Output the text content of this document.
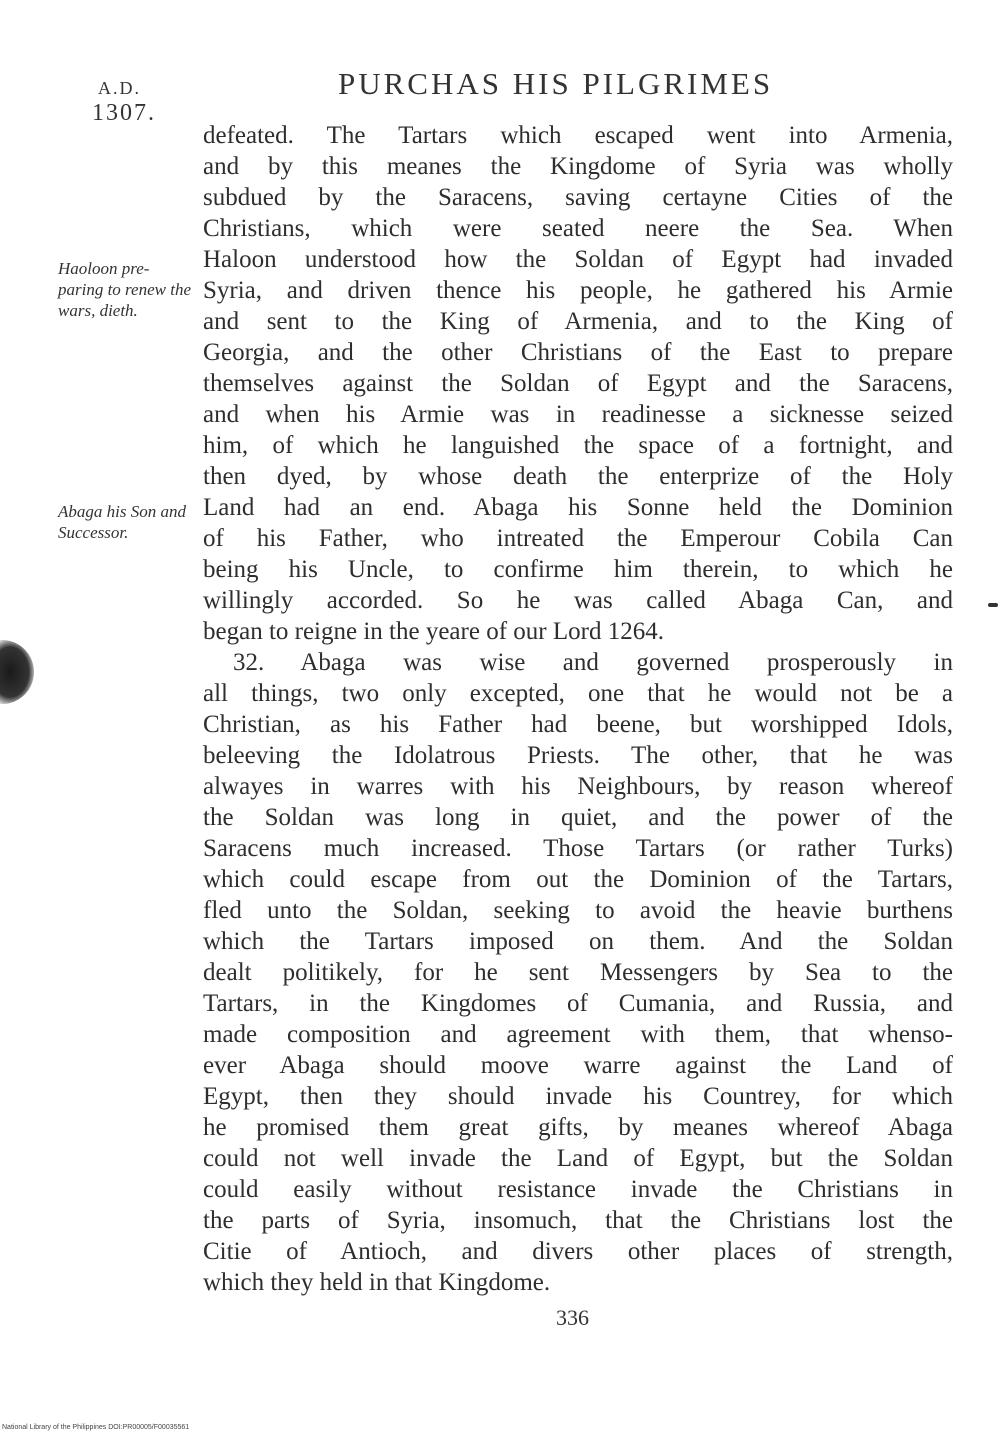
A.D.
1307.
PURCHAS HIS PILGRIMES
Haoloon pre- paring to renew the wars, dieth.
Abaga his Son and Successor.
defeated. The Tartars which escaped went into Armenia,
and by this meanes the Kingdome of Syria was wholly
subdued by the Saracens, saving certayne Cities of the
Christians, which were seated neere the Sea. When
Haloon understood how the Soldan of Egypt had invaded
Syria, and driven thence his people, he gathered his Armie
and sent to the King of Armenia, and to the King of
Georgia, and the other Christians of the East to prepare
themselves against the Soldan of Egypt and the Saracens,
and when his Armie was in readinesse a sicknesse seized
him, of which he languished the space of a fortnight, and
then dyed, by whose death the enterprize of the Holy
Land had an end. Abaga his Sonne held the Dominion
of his Father, who intreated the Emperour Cobila Can
being his Uncle, to confirme him therein, to which he
willingly accorded. So he was called Abaga Can, and
began to reigne in the yeare of our Lord 1264.
32. Abaga was wise and governed prosperously in
all things, two only excepted, one that he would not be a
Christian, as his Father had beene, but worshipped Idols,
beleeving the Idolatrous Priests. The other, that he was
alwayes in warres with his Neighbours, by reason whereof
the Soldan was long in quiet, and the power of the
Saracens much increased. Those Tartars (or rather Turks)
which could escape from out the Dominion of the Tartars,
fled unto the Soldan, seeking to avoid the heavie burthens
which the Tartars imposed on them. And the Soldan
dealt politikely, for he sent Messengers by Sea to the
Tartars, in the Kingdomes of Cumania, and Russia, and
made composition and agreement with them, that whenso-
ever Abaga should moove warre against the Land of
Egypt, then they should invade his Countrey, for which
he promised them great gifts, by meanes whereof Abaga
could not well invade the Land of Egypt, but the Soldan
could easily without resistance invade the Christians in
the parts of Syria, insomuch, that the Christians lost the
Citie of Antioch, and divers other places of strength,
which they held in that Kingdome.
336
National Library of the Philippines DOI:PR00005/F00035561
